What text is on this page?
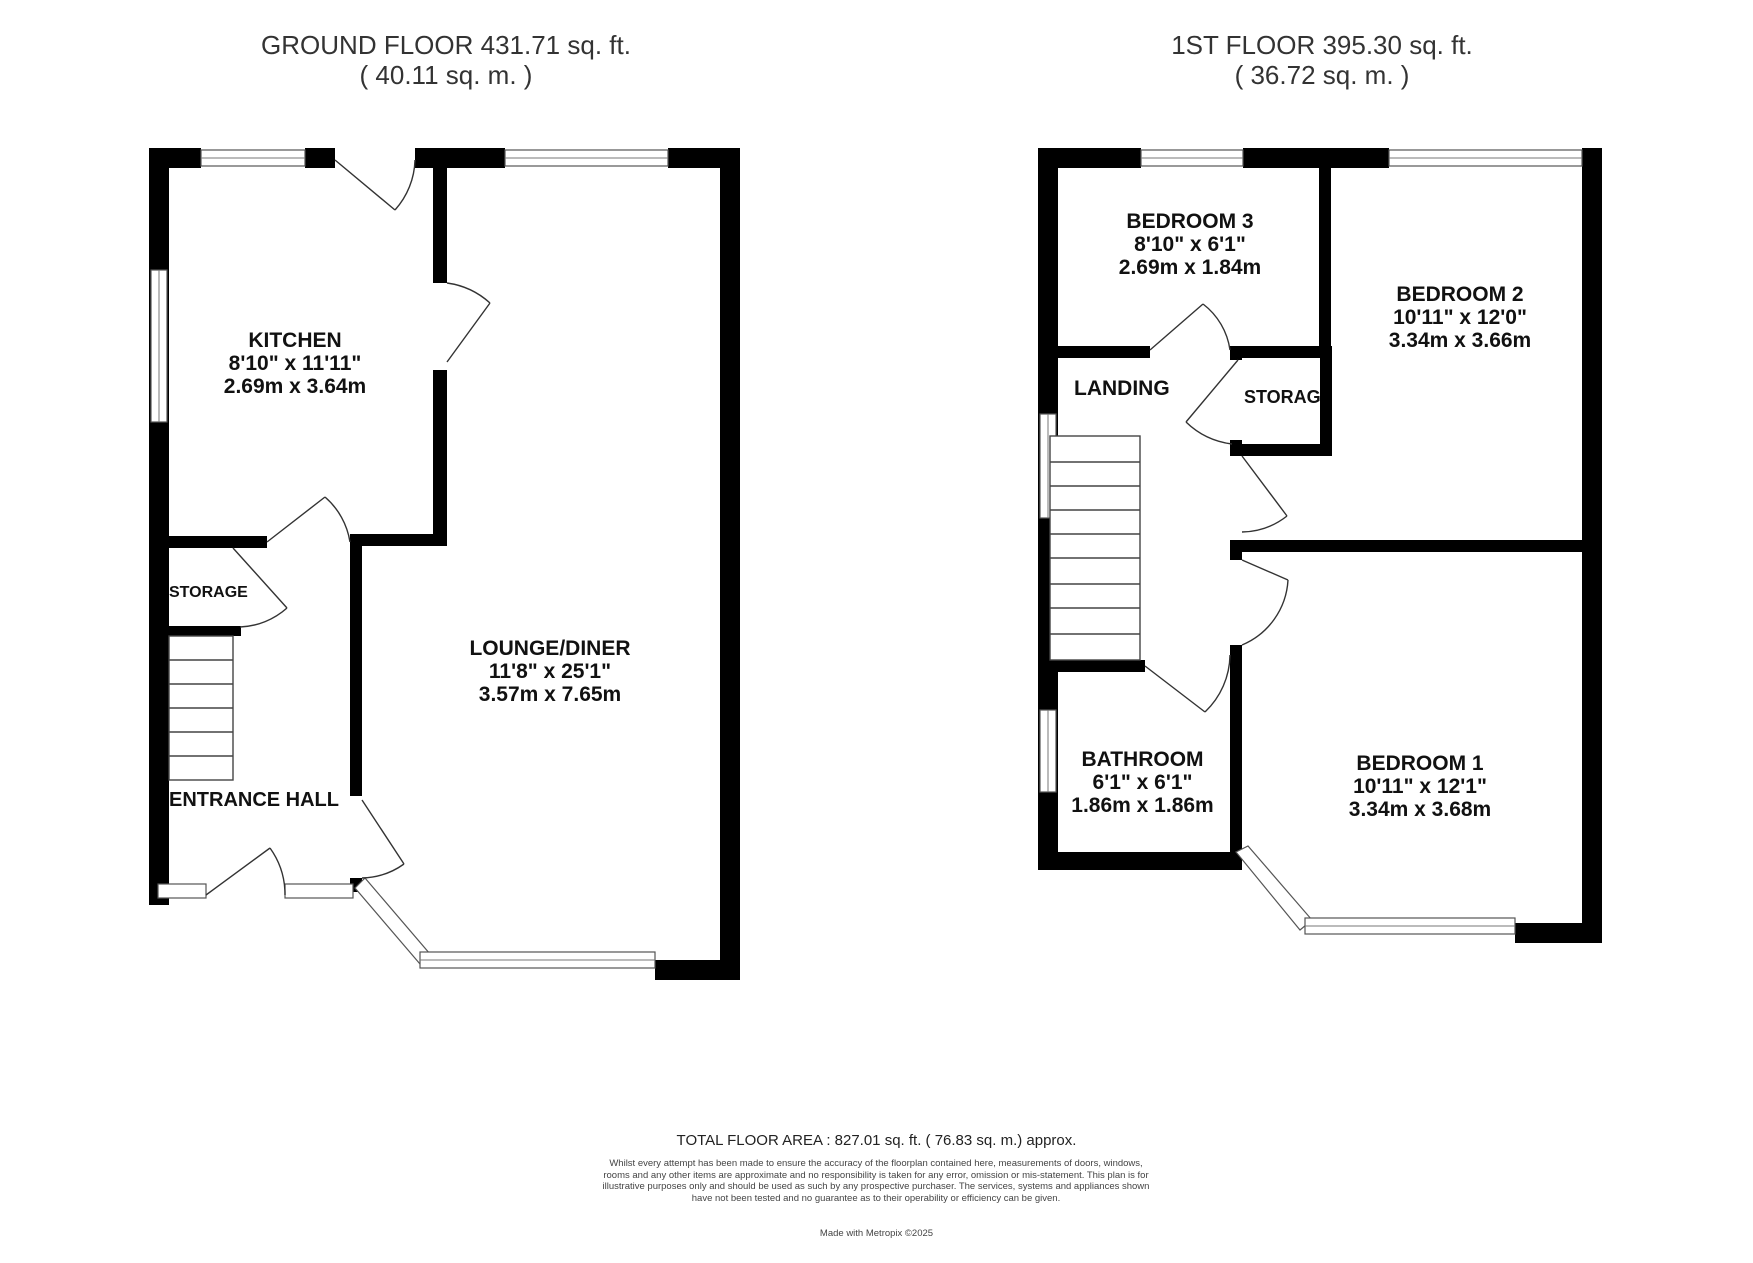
GROUND FLOOR 431.71 sq. ft.
( 40.11 sq. m. )
1ST FLOOR 395.30 sq. ft.
( 36.72 sq. m. )
KITCHEN
8'10" x 11'11"
2.69m x 3.64m
LOUNGE/DINER
11'8" x 25'1"
3.57m x 7.65m
STORAGE
ENTRANCE HALL
BEDROOM 3
8'10" x 6'1"
2.69m x 1.84m
BEDROOM 2
10'11" x 12'0"
3.34m x 3.66m
LANDING	STORAG
BATHROOM
6'1" x 6'1"
1.86m x 1.86m
BEDROOM 1
10'11" x 12'1"
3.34m x 3.68m
TOTAL FLOOR AREA : 827.01 sq. ft. ( 76.83 sq. m.) approx.
Whilst every attempt has been made to ensure the accuracy of the floorplan contained here, measurements of doors, windows, rooms and any other items are approximate and no responsibility is taken for any error, omission or mis-statement. This plan is for illustrative purposes only and should be used as such by any prospective purchaser. The services, systems and appliances shown have not been tested and no guarantee as to their operability or efficiency can be given.
Made with Metropix ©2025
